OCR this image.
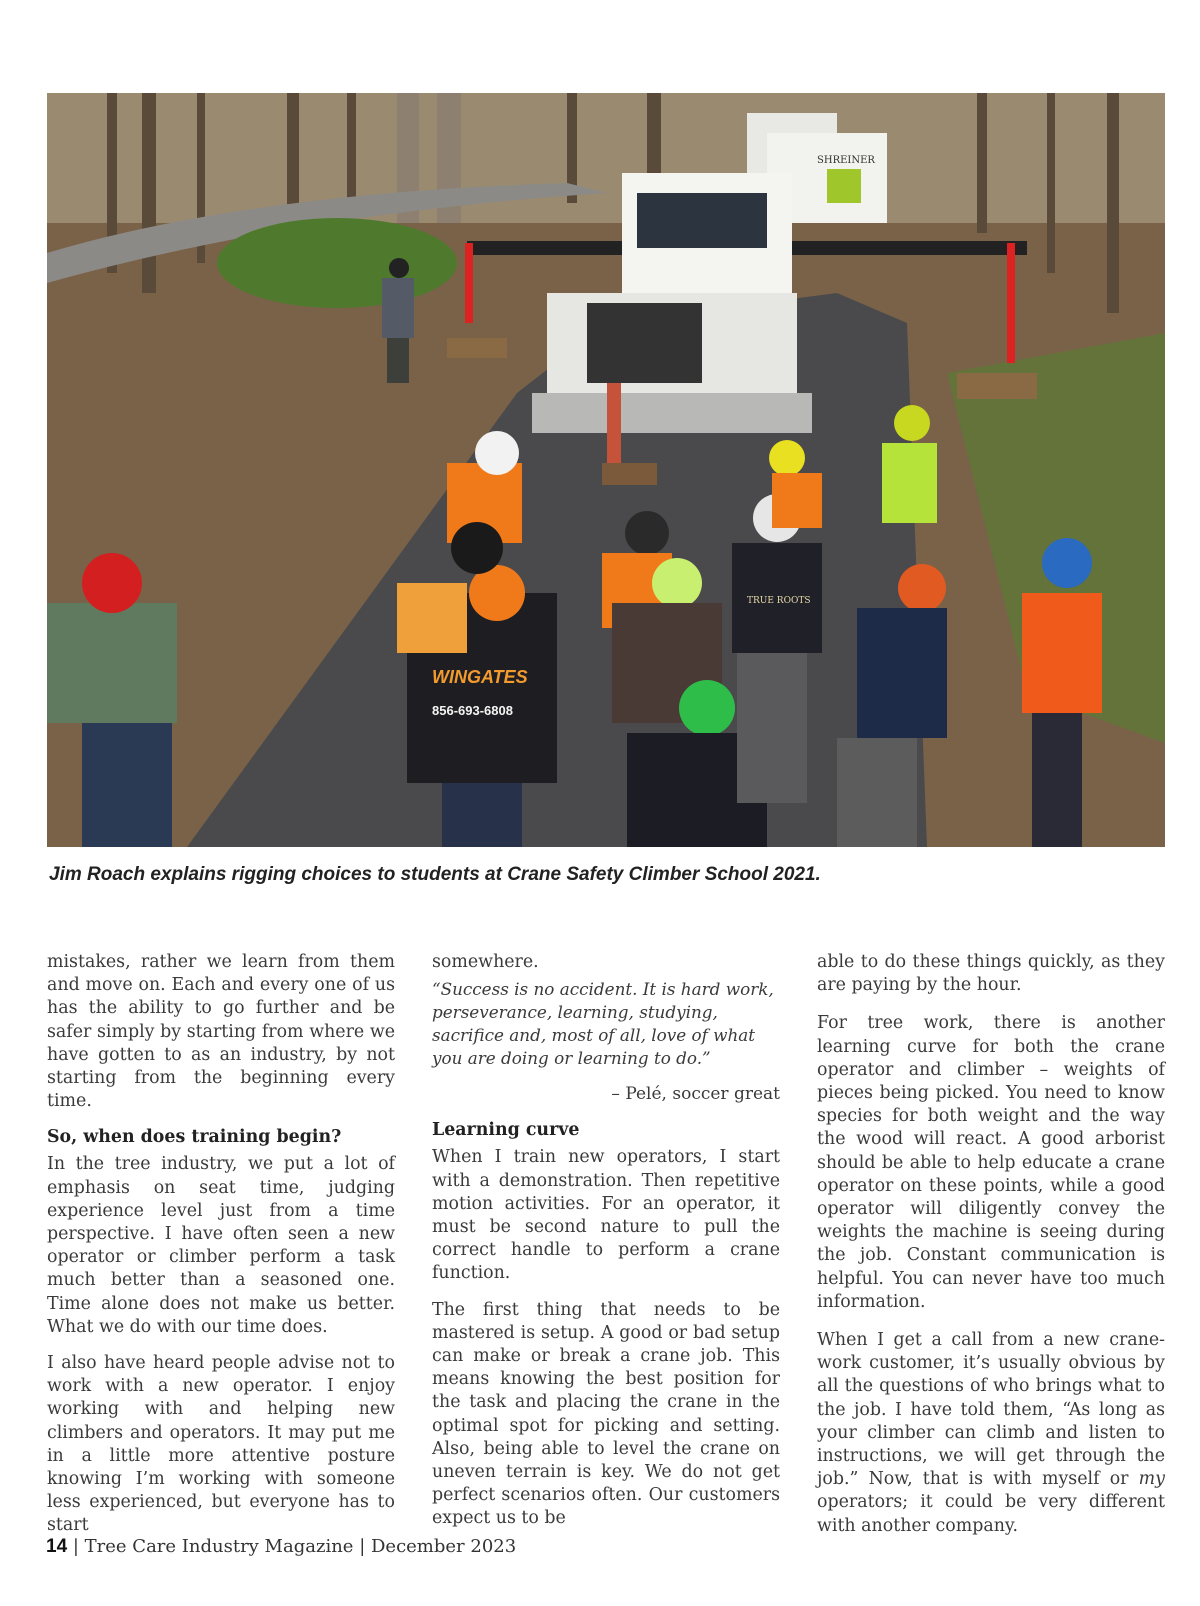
SHREINER
WINGATES
856-693-6808
TRUE ROOTS

Jim Roach explains rigging choices to students at Crane Safety Climber School 2021.

mistakes, rather we learn from them and move on. Each and every one of us has the ability to go further and be safer simply by starting from where we have gotten to as an industry, by not starting from the beginning every time.

So, when does training begin?

In the tree industry, we put a lot of emphasis on seat time, judging experience level just from a time perspective. I have often seen a new operator or climber perform a task much better than a seasoned one. Time alone does not make us better. What we do with our time does.

I also have heard people advise not to work with a new operator. I enjoy working with and helping new climbers and operators. It may put me in a little more attentive posture knowing I’m working with someone less experienced, but everyone has to start

somewhere.

“Success is no accident. It is hard work, perseverance, learning, studying, sacrifice and, most of all, love of what you are doing or learning to do.”

– Pelé, soccer great

Learning curve

When I train new operators, I start with a demonstration. Then repetitive motion activities. For an operator, it must be second nature to pull the correct handle to perform a crane function.

The first thing that needs to be mastered is setup. A good or bad setup can make or break a crane job. This means knowing the best position for the task and placing the crane in the optimal spot for picking and setting. Also, being able to level the crane on uneven terrain is key. We do not get perfect scenarios often. Our customers expect us to be

able to do these things quickly, as they are paying by the hour.

For tree work, there is another learning curve for both the crane operator and climber – weights of pieces being picked. You need to know species for both weight and the way the wood will react. A good arborist should be able to help educate a crane operator on these points, while a good operator will diligently convey the weights the machine is seeing during the job. Constant communication is helpful. You can never have too much information.

When I get a call from a new crane-work customer, it’s usually obvious by all the questions of who brings what to the job. I have told them, “As long as your climber can climb and listen to instructions, we will get through the job.” Now, that is with myself or my operators; it could be very different with another company.

14 | Tree Care Industry Magazine | December 2023
